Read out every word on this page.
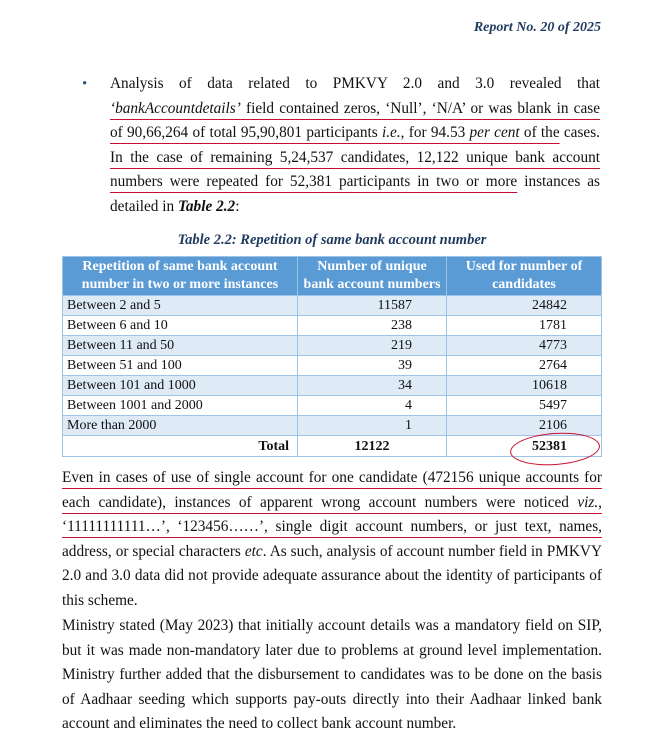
Report No. 20 of 2025
• Analysis of data related to PMKVY 2.0 and 3.0 revealed that ‘bankAccountdetails’ field contained zeros, ‘Null’, ‘N/A’ or was blank in case of 90,66,264 of total 95,90,801 participants i.e., for 94.53 per cent of the cases. In the case of remaining 5,24,537 candidates, 12,122 unique bank account numbers were repeated for 52,381 participants in two or more instances as detailed in Table 2.2:
Table 2.2: Repetition of same bank account number
Repetition of same bank account number in two or more instances	Number of unique bank account numbers	Used for number of candidates
Between 2 and 5	11587	24842
Between 6 and 10	238	1781
Between 11 and 50	219	4773
Between 51 and 100	39	2764
Between 101 and 1000	34	10618
Between 1001 and 2000	4	5497
More than 2000	1	2106
Total	12122	52381
Even in cases of use of single account for one candidate (472156 unique accounts for each candidate), instances of apparent wrong account numbers were noticed viz., ‘11111111111…’, ‘123456……’, single digit account numbers, or just text, names, address, or special characters etc. As such, analysis of account number field in PMKVY 2.0 and 3.0 data did not provide adequate assurance about the identity of participants of this scheme.
Ministry stated (May 2023) that initially account details was a mandatory field on SIP, but it was made non-mandatory later due to problems at ground level implementation. Ministry further added that the disbursement to candidates was to be done on the basis of Aadhaar seeding which supports pay-outs directly into their Aadhaar linked bank account and eliminates the need to collect bank account number.
